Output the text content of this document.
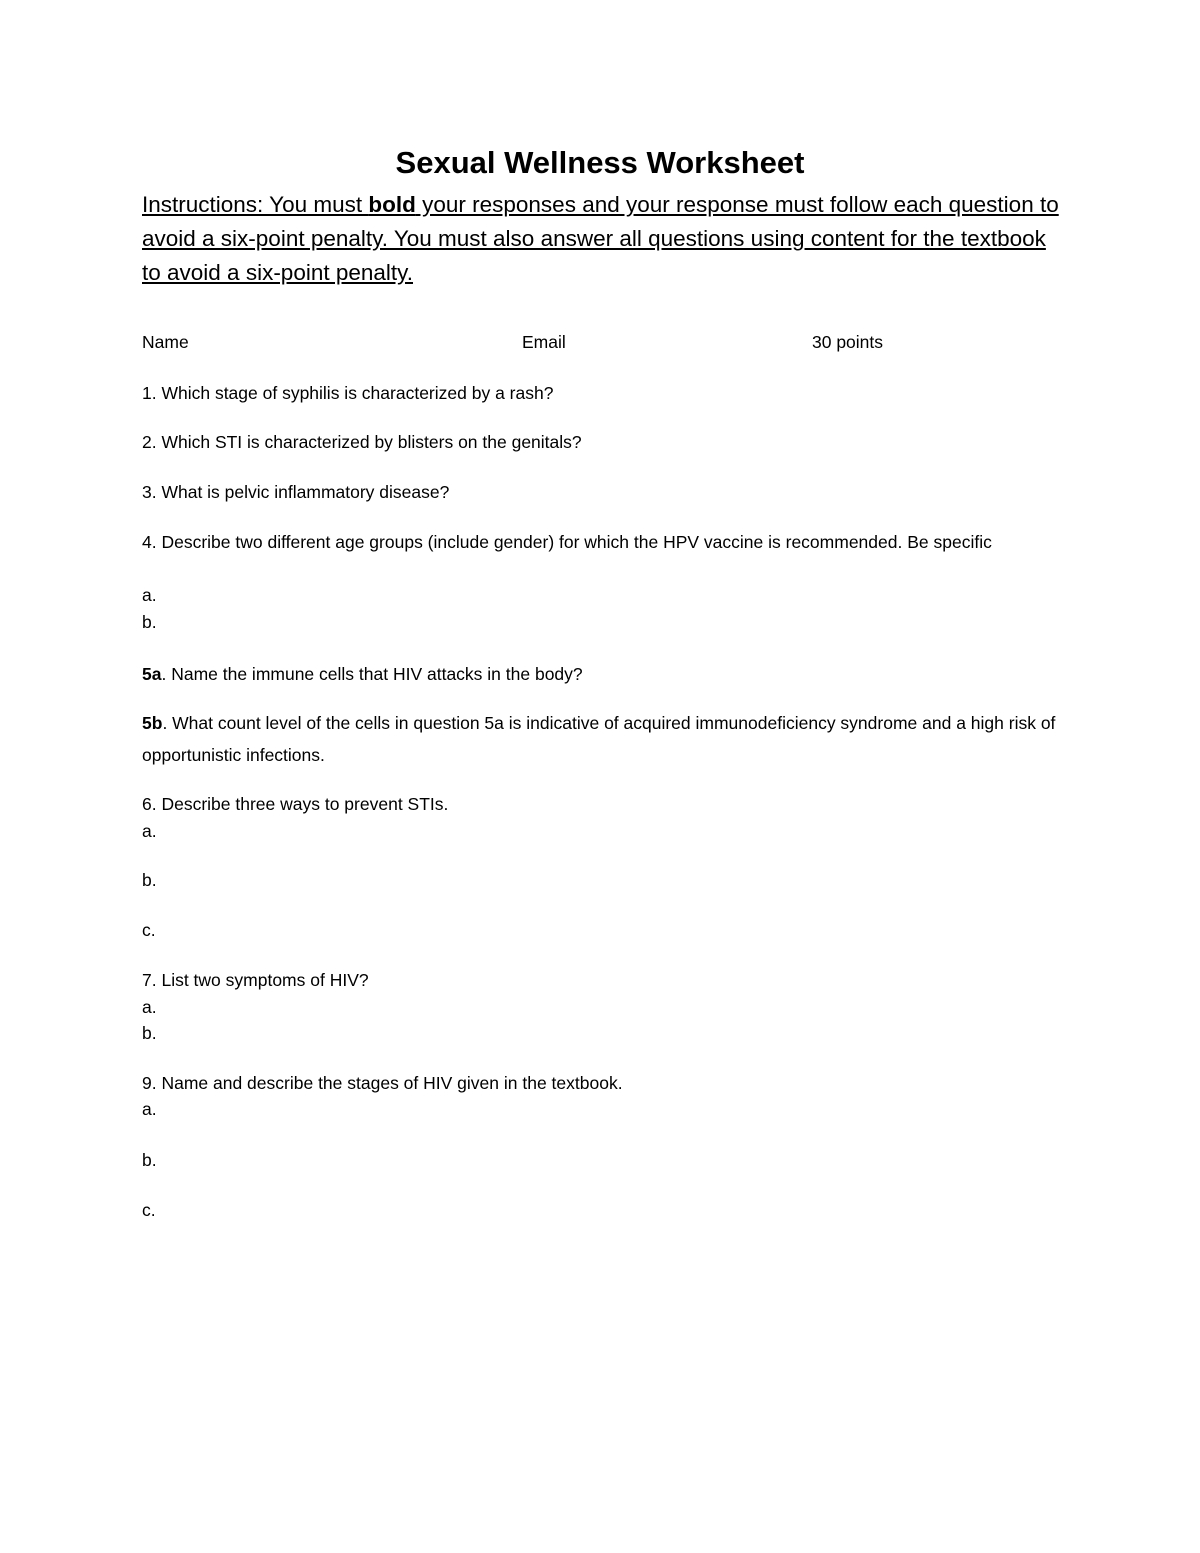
Sexual Wellness Worksheet
Instructions: You must bold your responses and your response must follow each question to avoid a six-point penalty. You must also answer all questions using content for the textbook to avoid a six-point penalty.
Name	Email	30 points
1. Which stage of syphilis is characterized by a rash?
2. Which STI is characterized by blisters on the genitals?
3. What is pelvic inflammatory disease?
4. Describe two different age groups (include gender) for which the HPV vaccine is recommended. Be specific
a.
b.
5a. Name the immune cells that HIV attacks in the body?
5b. What count level of the cells in question 5a is indicative of acquired immunodeficiency syndrome and a high risk of opportunistic infections.
6. Describe three ways to prevent STIs.
a.
b.
c.
7. List two symptoms of HIV?
a.
b.
9. Name and describe the stages of HIV given in the textbook.
a.
b.
c.
